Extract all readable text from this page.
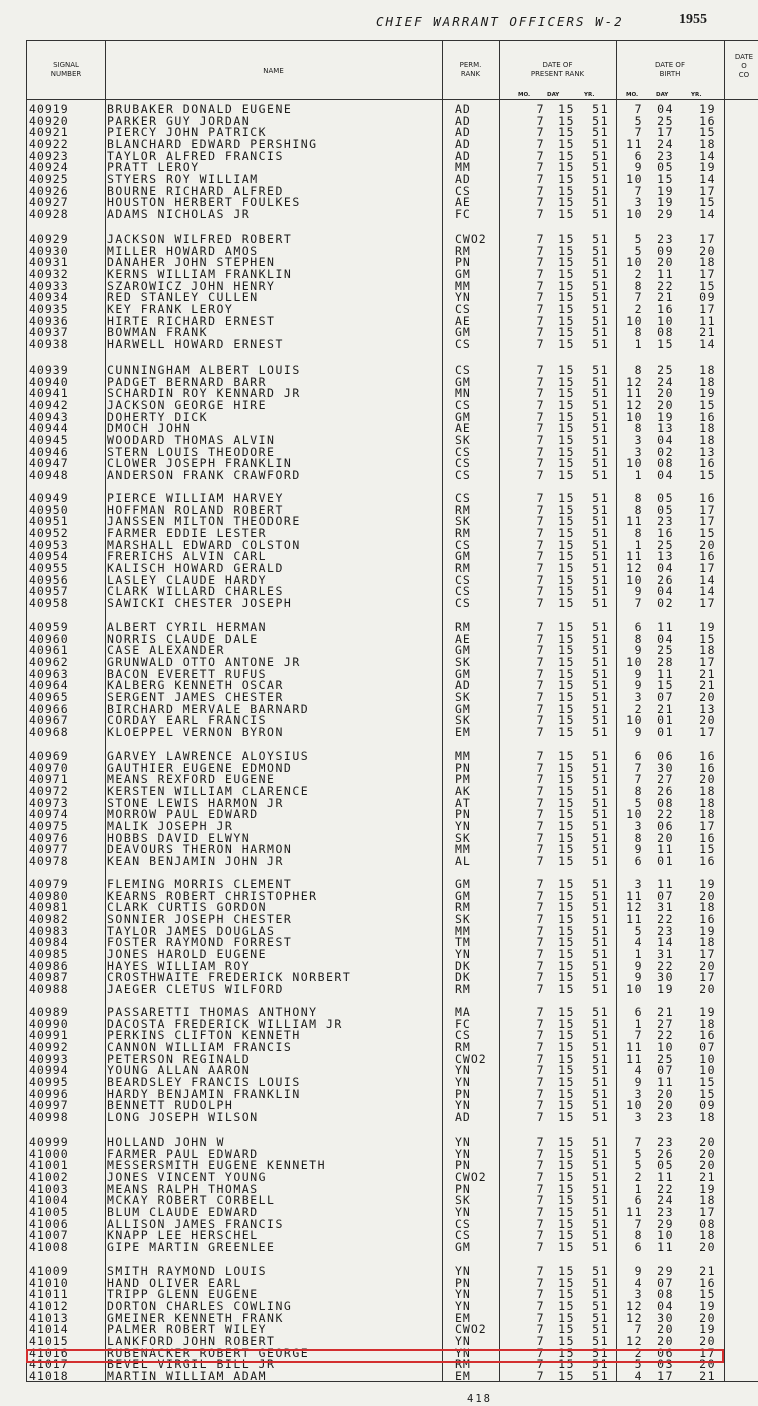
CHIEF WARRANT OFFICERS W-2	1955
SIGNAL
NUMBER	NAME
PERM.
RANK
DATE OF
PRESENT RANK
DATE OF
BIRTH
DATE
O
CO
MO.	DAY	YR.	MO.	DAY	YR.
40919	BRUBAKER DONALD EUGENE	AD	7 15 51	7 04 19
40920	PARKER GUY JORDAN	AD	7 15 51	5 25 16
40921	PIERCY JOHN PATRICK	AD	7 15 51	7 17 15
40922	BLANCHARD EDWARD PERSHING	AD	7 15 51 11 24 18
40923	TAYLOR ALFRED FRANCIS	AD	7 15 51	6 23 14
40924	PRATT LEROY	MM	7 15 51	9 05 19
40925	STYERS ROY WILLIAM	AD	7 15 51 10 15 14
40926	BOURNE RICHARD ALFRED	CS	7 15 51	7 19 17
40927	HOUSTON HERBERT FOULKES	AE	7 15 51	3 19 15
40928	ADAMS NICHOLAS JR	FC	7 15 51 10 29 14
40929	JACKSON WILFRED ROBERT	CWO2	7 15 51	5 23 17
40930	MILLER HOWARD AMOS	RM	7 15 51	5 09 20
40931	DANAHER JOHN STEPHEN	PN	7 15 51 10 20 18
40932	KERNS WILLIAM FRANKLIN	GM	7 15 51	2 11 17
40933	SZAROWICZ JOHN HENRY	MM	7 15 51	8 22 15
40934	RED STANLEY CULLEN	YN	7 15 51	7 21 09
40935	KEY FRANK LEROY	CS	7 15 51	2 16 17
40936	HIRTE RICHARD ERNEST	AE	7 15 51 10 10 11
40937	BOWMAN FRANK	GM	7 15 51	8 08 21
40938	HARWELL HOWARD ERNEST	CS	7 15 51	1 15 14
40939	CUNNINGHAM ALBERT LOUIS	CS	7 15 51	8 25 18
40940	PADGET BERNARD BARR	GM	7 15 51 12 24 18
40941	SCHARDIN ROY KENNARD JR	MN	7 15 51 11 20 19
40942	JACKSON GEORGE HIRE	CS	7 15 51 12 20 15
40943	DOHERTY DICK	GM	7 15 51 10 19 16
40944	DMOCH JOHN	AE	7 15 51	8 13 18
40945	WOODARD THOMAS ALVIN	SK	7 15 51	3 04 18
40946	STERN LOUIS THEODORE	CS	7 15 51	3 02 13
40947	CLOWER JOSEPH FRANKLIN	CS	7 15 51 10 08 16
40948	ANDERSON FRANK CRAWFORD	CS	7 15 51	1 04 15
40949	PIERCE WILLIAM HARVEY	CS	7 15 51	8 05 16
40950	HOFFMAN ROLAND ROBERT	RM	7 15 51	8 05 17
40951	JANSSEN MILTON THEODORE	SK	7 15 51 11 23 17
40952	FARMER EDDIE LESTER	RM	7 15 51	8 16 15
40953	MARSHALL EDWARD COLSTON	CS	7 15 51	1 25 20
40954	FRERICHS ALVIN CARL	GM	7 15 51 11 13 16
40955	KALISCH HOWARD GERALD	RM	7 15 51 12 04 17
40956	LASLEY CLAUDE HARDY	CS	7 15 51 10 26 14
40957	CLARK WILLARD CHARLES	CS	7 15 51	9 04 14
40958	SAWICKI CHESTER JOSEPH	CS	7 15 51	7 02 17
40959	ALBERT CYRIL HERMAN	RM	7 15 51	6 11 19
40960	NORRIS CLAUDE DALE	AE	7 15 51	8 04 15
40961	CASE ALEXANDER	GM	7 15 51	9 25 18
40962	GRUNWALD OTTO ANTONE JR	SK	7 15 51 10 28 17
40963	BACON EVERETT RUFUS	GM	7 15 51	9 11 21
40964	KALBERG KENNETH OSCAR	AD	7 15 51	9 15 21
40965	SERGENT JAMES CHESTER	SK	7 15 51	3 07 20
40966	BIRCHARD MERVALE BARNARD	GM	7 15 51	2 21 13
40967	CORDAY EARL FRANCIS	SK	7 15 51 10 01 20
40968	KLOEPPEL VERNON BYRON	EM	7 15 51	9 01 17
40969	GARVEY LAWRENCE ALOYSIUS	MM	7 15 51	6 06 16
40970	GAUTHIER EUGENE EDMOND	PN	7 15 51	7 30 16
40971	MEANS REXFORD EUGENE	PM	7 15 51	7 27 20
40972	KERSTEN WILLIAM CLARENCE	AK	7 15 51	8 26 18
40973	STONE LEWIS HARMON JR	AT	7 15 51	5 08 18
40974	MORROW PAUL EDWARD	PN	7 15 51 10 22 18
40975	MALIK JOSEPH JR	YN	7 15 51	3 06 17
40976	HOBBS DAVID ELWYN	SK	7 15 51	8 20 16
40977	DEAVOURS THERON HARMON	MM	7 15 51	9 11 15
40978	KEAN BENJAMIN JOHN JR	AL	7 15 51	6 01 16
40979	FLEMING MORRIS CLEMENT	GM	7 15 51	3 11 19
40980	KEARNS ROBERT CHRISTOPHER	GM	7 15 51 11 07 20
40981	CLARK CURTIS GORDON	RM	7 15 51 12 31 18
40982	SONNIER JOSEPH CHESTER	SK	7 15 51 11 22 16
40983	TAYLOR JAMES DOUGLAS	MM	7 15 51	5 23 19
40984	FOSTER RAYMOND FORREST	TM	7 15 51	4 14 18
40985	JONES HAROLD EUGENE	YN	7 15 51	1 31 17
40986	HAYES WILLIAM ROY	DK	7 15 51	9 22 20
40987	CROSTHWAITE FREDERICK NORBERT	DK	7 15 51	9 30 17
40988	JAEGER CLETUS WILFORD	RM	7 15 51 10 19 20
40989	PASSARETTI THOMAS ANTHONY	MA	7 15 51	6 21 19
40990	DACOSTA FREDERICK WILLIAM JR	FC	7 15 51	1 27 18
40991	PERKINS CLIFTON KENNETH	CS	7 15 51	7 22 16
40992	CANNON WILLIAM FRANCIS	RM	7 15 51 11 10 07
40993	PETERSON REGINALD	CWO2	7 15 51 11 25 10
40994	YOUNG ALLAN AARON	YN	7 15 51	4 07 10
40995	BEARDSLEY FRANCIS LOUIS	YN	7 15 51	9 11 15
40996	HARDY BENJAMIN FRANKLIN	PN	7 15 51	3 20 15
40997	BENNETT RUDOLPH	YN	7 15 51 10 20 09
40998	LONG JOSEPH WILSON	AD	7 15 51	3 23 18
40999	HOLLAND JOHN W	YN	7 15 51	7 23 20
41000	FARMER PAUL EDWARD	YN	7 15 51	5 26 20
41001	MESSERSMITH EUGENE KENNETH	PN	7 15 51	5 05 20
41002	JONES VINCENT YOUNG	CWO2	7 15 51	2 11 21
41003	MEANS RALPH THOMAS	PN	7 15 51	1 22 19
41004	MCKAY ROBERT CORBELL	SK	7 15 51	6 24 18
41005	BLUM CLAUDE EDWARD	YN	7 15 51 11 23 17
41006	ALLISON JAMES FRANCIS	CS	7 15 51	7 29 08
41007	KNAPP LEE HERSCHEL	CS	7 15 51	8 10 18
41008	GIPE MARTIN GREENLEE	GM	7 15 51	6 11 20
41009	SMITH RAYMOND LOUIS	YN	7 15 51	9 29 21
41010	HAND OLIVER EARL	PN	7 15 51	4 07 16
41011	TRIPP GLENN EUGENE	YN	7 15 51	3 08 15
41012	DORTON CHARLES COWLING	YN	7 15 51 12 04 19
41013	GMEINER KENNETH FRANK	EM	7 15 51 12 30 20
41014	PALMER ROBERT WILEY	CWO2	7 15 51	7 20 19
41015	LANKFORD JOHN ROBERT	YN	7 15 51 12 20 20
41016	RUBENACKER ROBERT GEORGE	YN	7 15 51	2 06 17
41017	BEVEL VIRGIL BILL JR	RM	7 15 51	5 03 20
41018	MARTIN WILLIAM ADAM	EM	7 15 51	4 17 21
418
